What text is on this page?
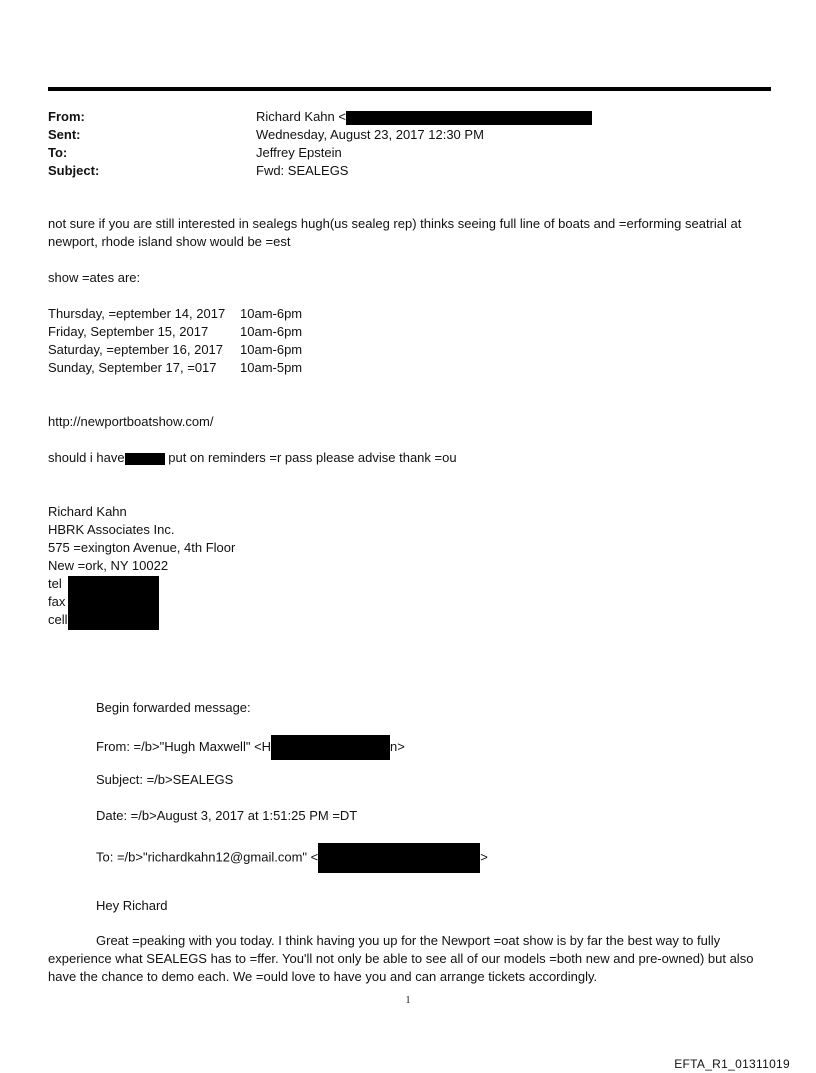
From:	Richard Kahn <
Sent:	Wednesday, August 23, 2017 12:30 PM
To:	Jeffrey Epstein
Subject:	Fwd: SEALEGS

not sure if you are still interested in sealegs hugh(us sealeg rep) thinks seeing full line of boats and =erforming seatrial at newport, rhode island show would be =est

show =ates are:

Thursday, =eptember 14, 2017	10am-6pm
Friday, September 15, 2017	10am-6pm
Saturday, =eptember 16, 2017	10am-6pm
Sunday, September 17, =017	10am-5pm

http://newportboatshow.com/

should i have	put on reminders =r pass please advise thank =ou

Richard Kahn
HBRK Associates Inc.
575 =exington Avenue, 4th Floor
New =ork, NY 10022
tel
fax
cell
Begin forwarded message:
From: =/b>"Hugh Maxwell" <H	n>
Subject: =/b>SEALEGS
Date: =/b>August 3, 2017 at 1:51:25 PM =DT
To: =/b>"richardkahn12@gmail.com" <	>
Hey Richard

Great =peaking with you today. I think having you up for the Newport =oat show is by far the best way to fully experience what SEALEGS has to =ffer. You'll not only be able to see all of our models =both new and pre-owned) but also have the chance to demo each. We =ould love to have you and can arrange tickets accordingly.

1
EFTA_R1_01311019
